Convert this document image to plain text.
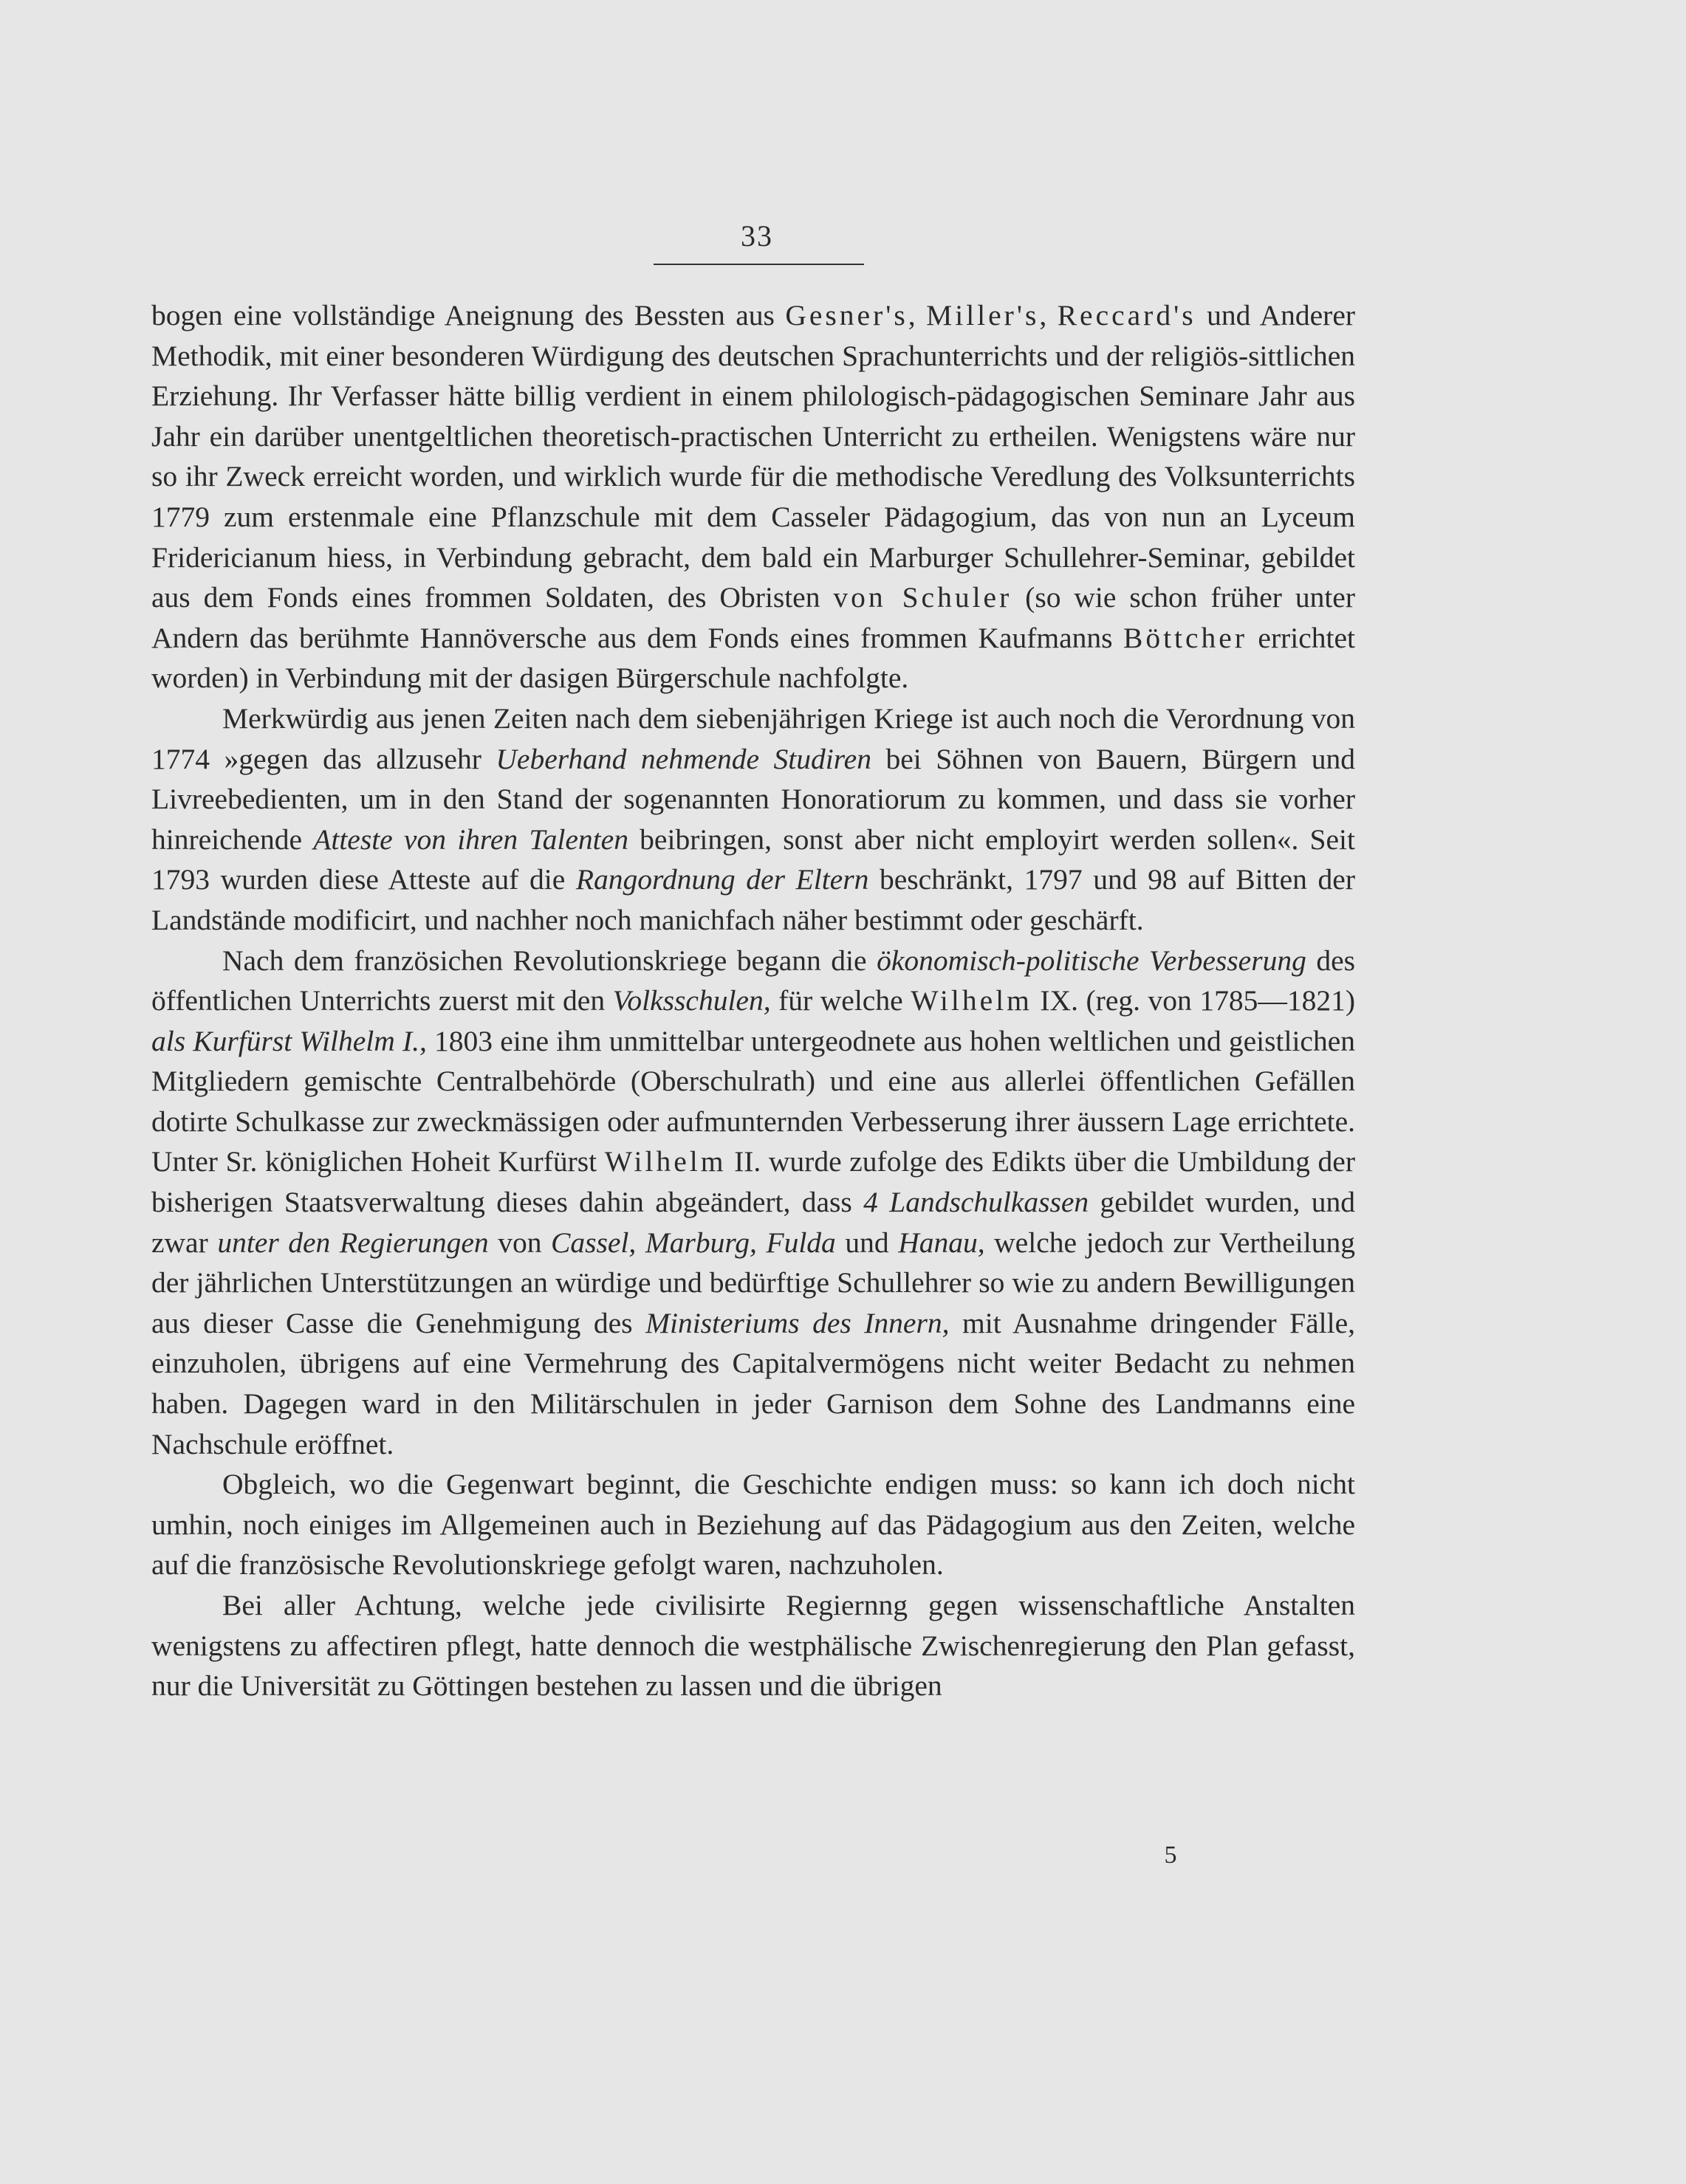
33

bogen eine vollständige Aneignung des Bessten aus Gesner's, Miller's, Reccard's und Anderer Methodik, mit einer besonderen Würdigung des deutschen Sprachunterrichts und der religiös-sittlichen Erziehung. Ihr Verfasser hätte billig verdient in einem philologisch-pädagogischen Seminare Jahr aus Jahr ein darüber unentgeltlichen theoretisch-practischen Unterricht zu ertheilen. Wenigstens wäre nur so ihr Zweck erreicht worden, und wirklich wurde für die methodische Veredlung des Volksunterrichts 1779 zum erstenmale eine Pflanzschule mit dem Casseler Pädagogium, das von nun an Lyceum Fridericianum hiess, in Verbindung gebracht, dem bald ein Marburger Schullehrer-Seminar, gebildet aus dem Fonds eines frommen Soldaten, des Obristen von Schuler (so wie schon früher unter Andern das berühmte Hannöversche aus dem Fonds eines frommen Kaufmanns Böttcher errichtet worden) in Verbindung mit der dasigen Bürgerschule nachfolgte.

Merkwürdig aus jenen Zeiten nach dem siebenjährigen Kriege ist auch noch die Verordnung von 1774 »gegen das allzusehr Ueberhand nehmende Studiren bei Söhnen von Bauern, Bürgern und Livreebedienten, um in den Stand der sogenannten Honoratiorum zu kommen, und dass sie vorher hinreichende Atteste von ihren Talenten beibringen, sonst aber nicht employirt werden sollen«. Seit 1793 wurden diese Atteste auf die Rangordnung der Eltern beschränkt, 1797 und 98 auf Bitten der Landstände modificirt, und nachher noch manichfach näher bestimmt oder geschärft.

Nach dem französichen Revolutionskriege begann die ökonomisch-politische Verbesserung des öffentlichen Unterrichts zuerst mit den Volksschulen, für welche Wilhelm IX. (reg. von 1785—1821) als Kurfürst Wilhelm I., 1803 eine ihm unmittelbar untergeodnete aus hohen weltlichen und geistlichen Mitgliedern gemischte Centralbehörde (Oberschulrath) und eine aus allerlei öffentlichen Gefällen dotirte Schulkasse zur zweckmässigen oder aufmunternden Verbesserung ihrer äussern Lage errichtete. Unter Sr. königlichen Hoheit Kurfürst Wilhelm II. wurde zufolge des Edikts über die Umbildung der bisherigen Staatsverwaltung dieses dahin abgeändert, dass 4 Landschulkassen gebildet wurden, und zwar unter den Regierungen von Cassel, Marburg, Fulda und Hanau, welche jedoch zur Vertheilung der jährlichen Unterstützungen an würdige und bedürftige Schullehrer so wie zu andern Bewilligungen aus dieser Casse die Genehmigung des Ministeriums des Innern, mit Ausnahme dringender Fälle, einzuholen, übrigens auf eine Vermehrung des Capitalvermögens nicht weiter Bedacht zu nehmen haben. Dagegen ward in den Militärschulen in jeder Garnison dem Sohne des Landmanns eine Nachschule eröffnet.

Obgleich, wo die Gegenwart beginnt, die Geschichte endigen muss: so kann ich doch nicht umhin, noch einiges im Allgemeinen auch in Beziehung auf das Pädagogium aus den Zeiten, welche auf die französische Revolutionskriege gefolgt waren, nachzuholen.

Bei aller Achtung, welche jede civilisirte Regiernng gegen wissenschaftliche Anstalten wenigstens zu affectiren pflegt, hatte dennoch die westphälische Zwischenregierung den Plan gefasst, nur die Universität zu Göttingen bestehen zu lassen und die übrigen

5
